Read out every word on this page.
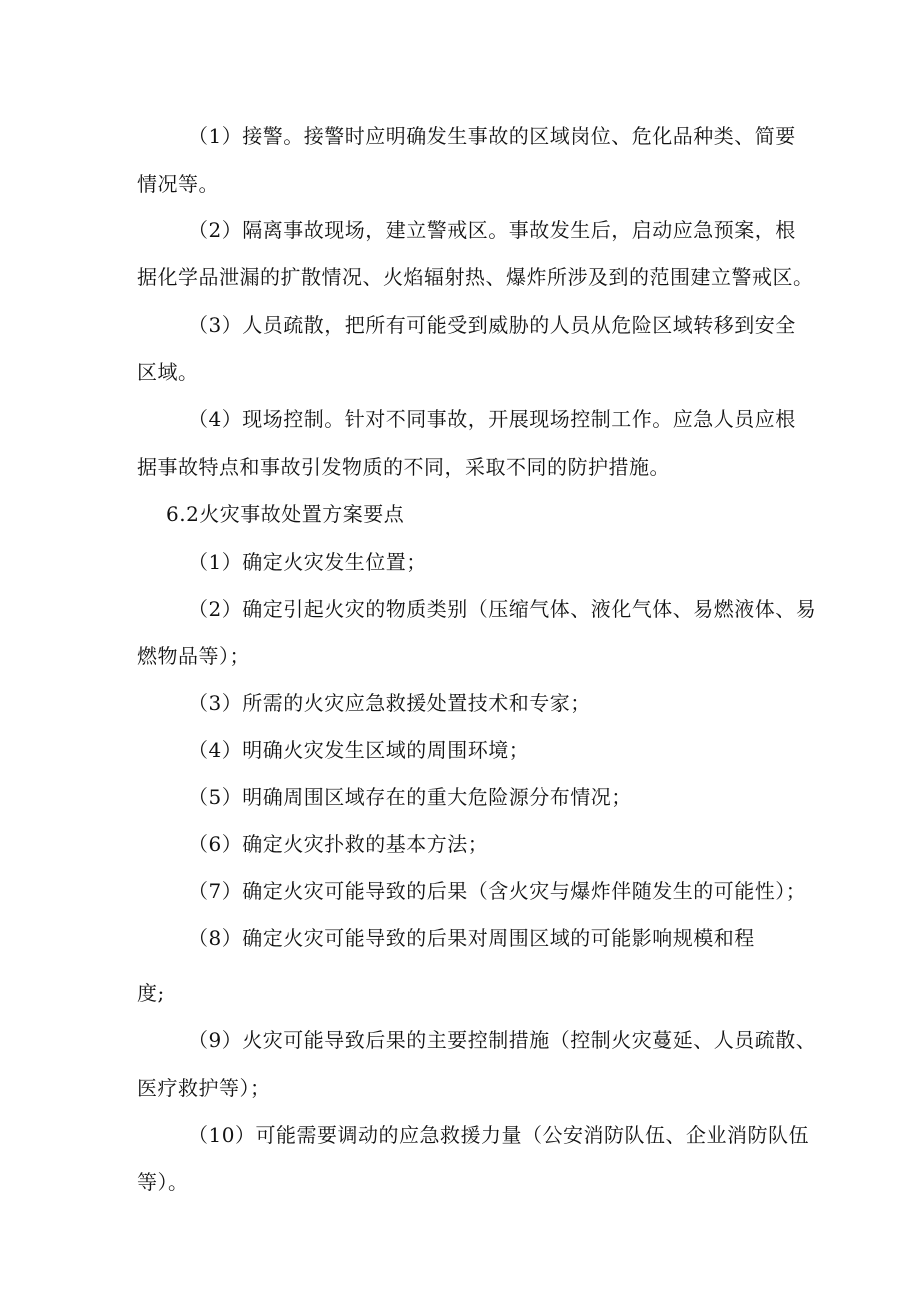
（1）接警。接警时应明确发生事故的区域岗位、危化品种类、简要
情况等。
（2）隔离事故现场，建立警戒区。事故发生后，启动应急预案，根
据化学品泄漏的扩散情况、火焰辐射热、爆炸所涉及到的范围建立警戒区。
（3）人员疏散，把所有可能受到威胁的人员从危险区域转移到安全
区域。
（4）现场控制。针对不同事故，开展现场控制工作。应急人员应根
据事故特点和事故引发物质的不同，采取不同的防护措施。
6.2火灾事故处置方案要点
（1）确定火灾发生位置；
（2）确定引起火灾的物质类别（压缩气体、液化气体、易燃液体、易
燃物品等）；
（3）所需的火灾应急救援处置技术和专家；
（4）明确火灾发生区域的周围环境；
（5）明确周围区域存在的重大危险源分布情况；
（6）确定火灾扑救的基本方法；
（7）确定火灾可能导致的后果（含火灾与爆炸伴随发生的可能性）；
（8）确定火灾可能导致的后果对周围区域的可能影响规模和程
度;
（9）火灾可能导致后果的主要控制措施（控制火灾蔓延、人员疏散、
医疗救护等）；
（10）可能需要调动的应急救援力量（公安消防队伍、企业消防队伍
等）。
